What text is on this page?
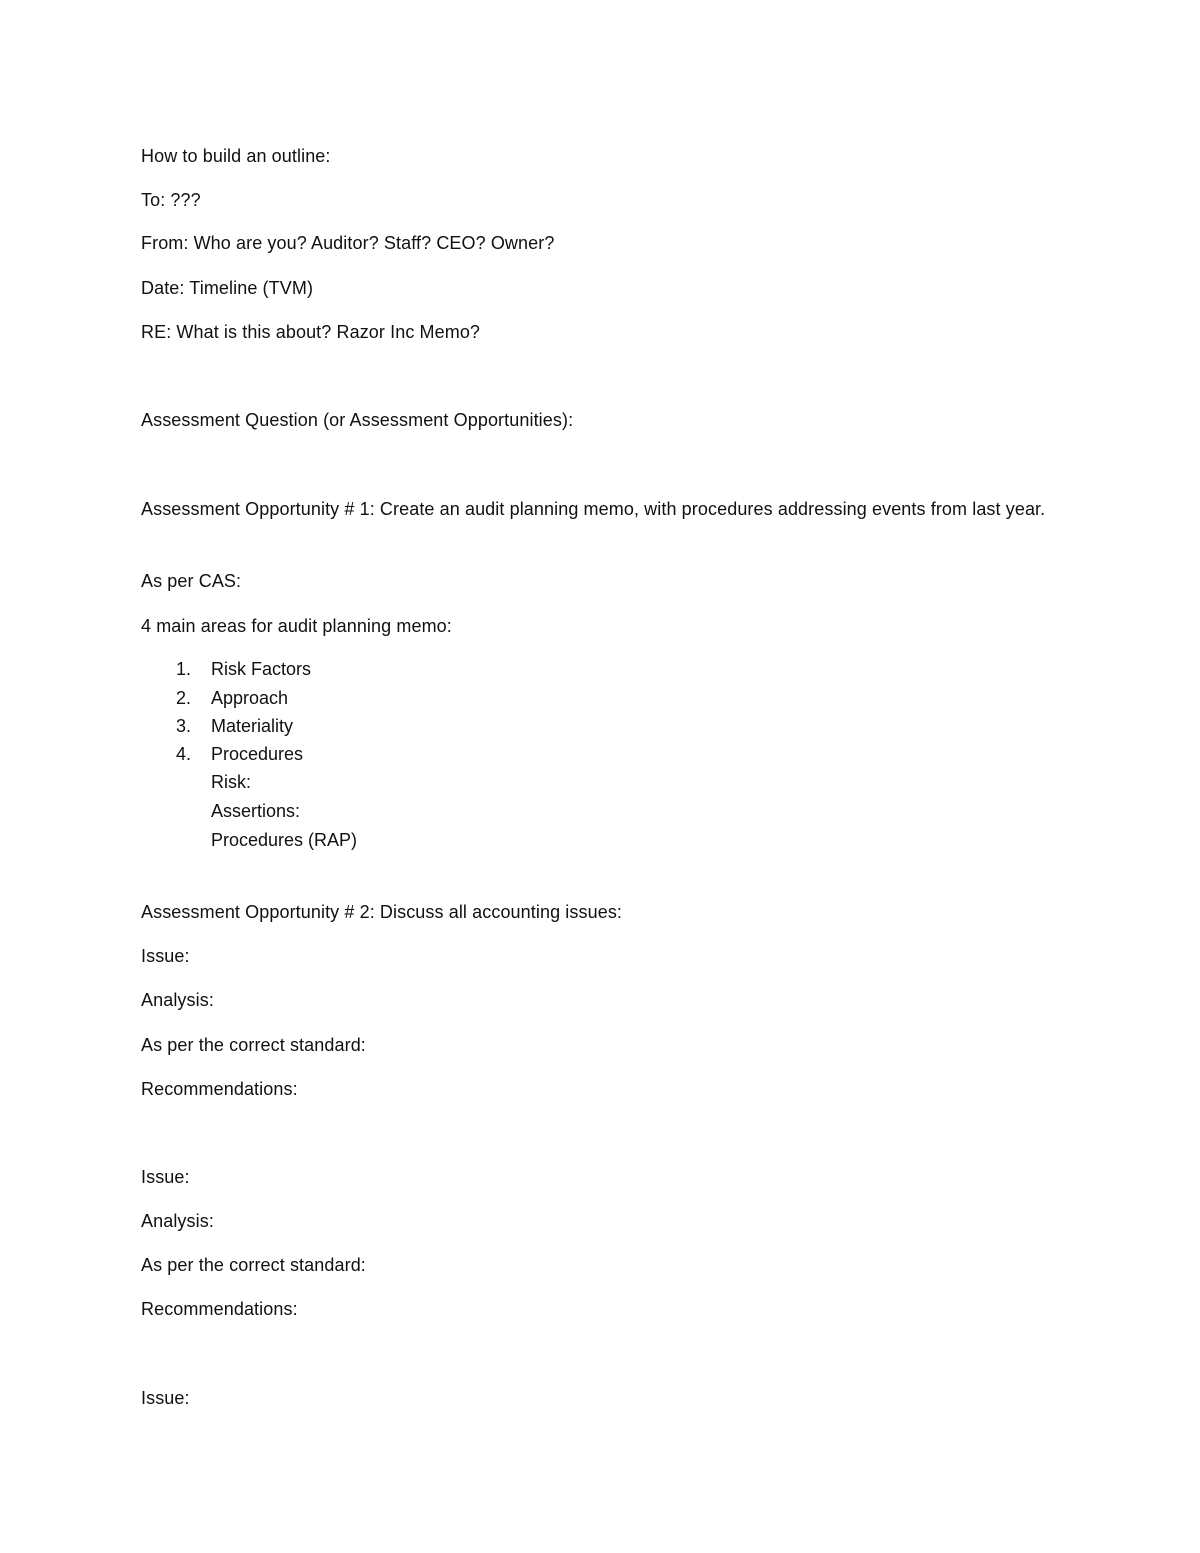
How to build an outline:
To: ???
From: Who are you? Auditor? Staff? CEO? Owner?
Date: Timeline (TVM)
RE: What is this about? Razor Inc Memo?
Assessment Question (or Assessment Opportunities):
Assessment Opportunity # 1: Create an audit planning memo, with procedures addressing events from last year.
As per CAS:
4 main areas for audit planning memo:
1. Risk Factors
2. Approach
3. Materiality
4. Procedures
Risk:
Assertions:
Procedures (RAP)
Assessment Opportunity # 2: Discuss all accounting issues:
Issue:
Analysis:
As per the correct standard:
Recommendations:
Issue:
Analysis:
As per the correct standard:
Recommendations:
Issue:
